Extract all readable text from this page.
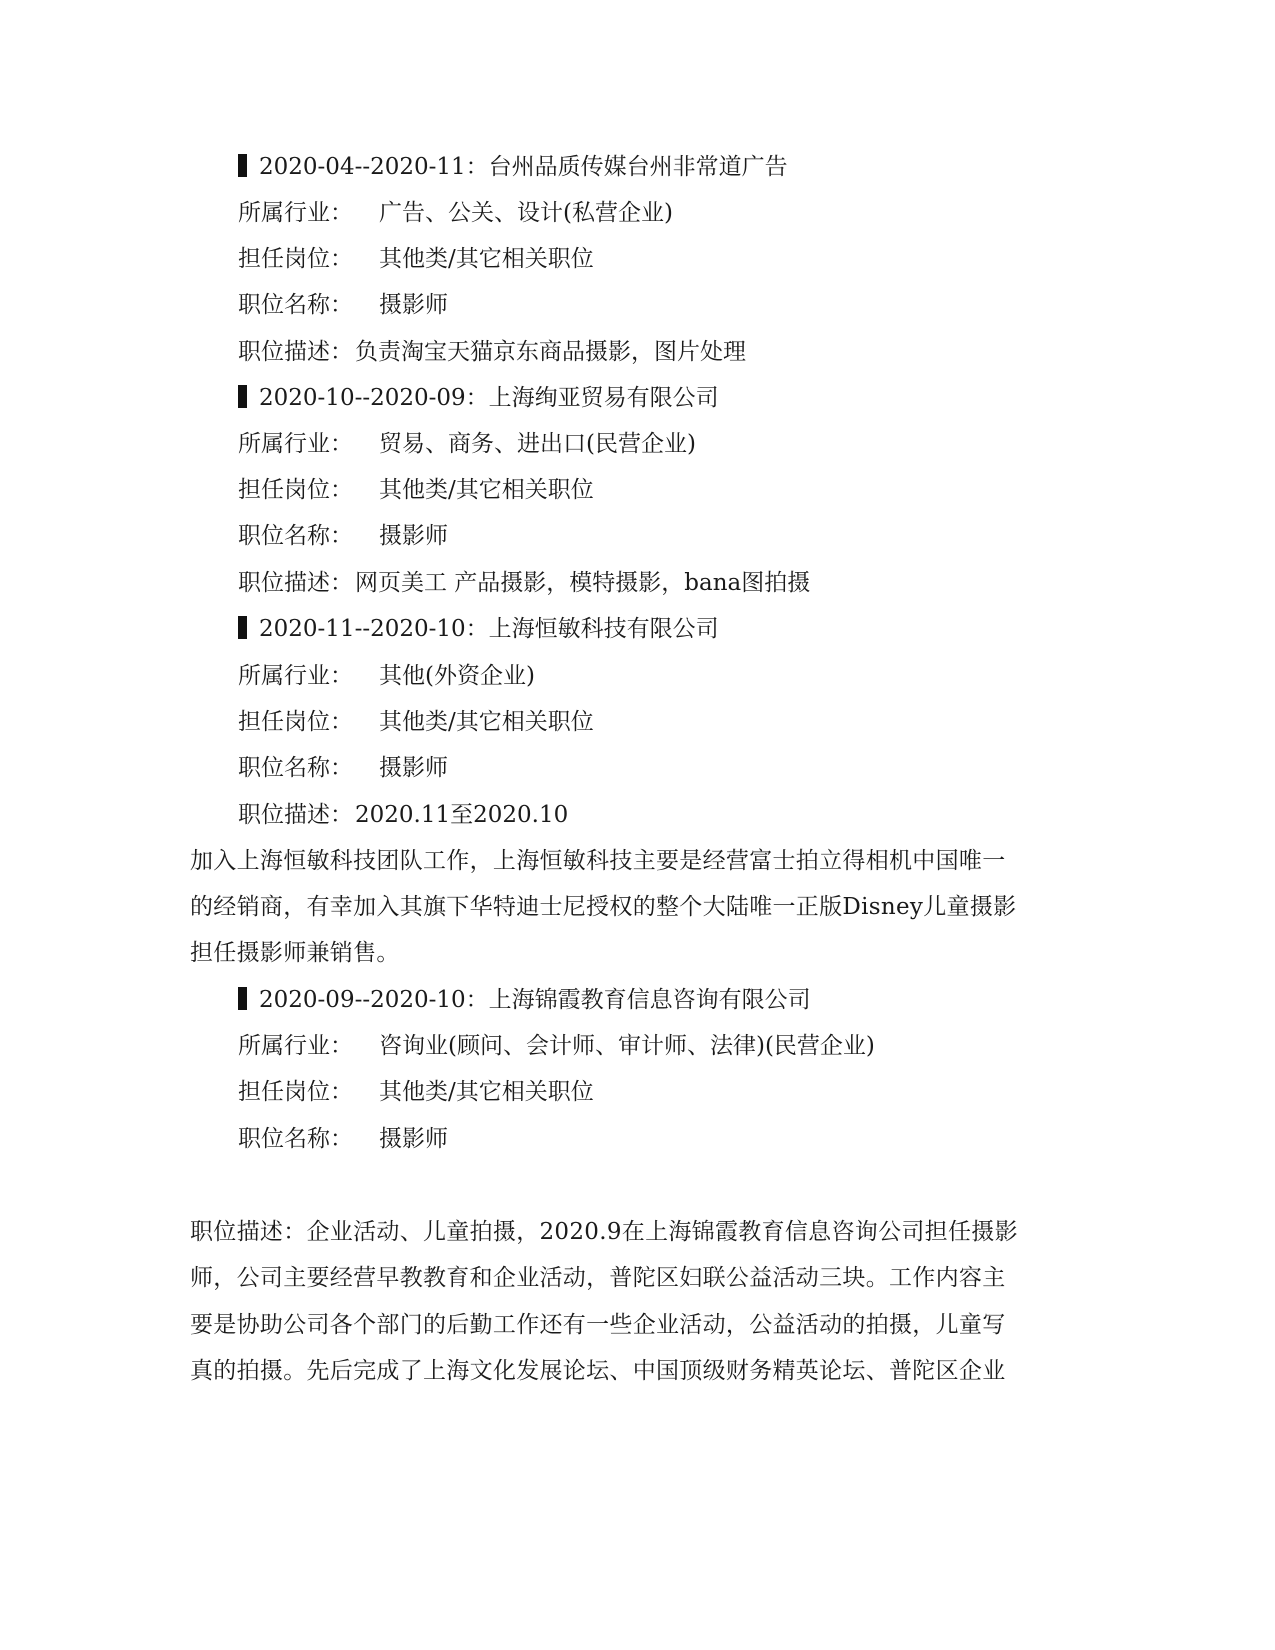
2020-04--2020-11：台州品质传媒台州非常道广告
所属行业： 广告、公关、设计(私营企业)
担任岗位： 其他类/其它相关职位
职位名称： 摄影师
职位描述：负责淘宝天猫京东商品摄影，图片处理
2020-10--2020-09：上海绚亚贸易有限公司
所属行业： 贸易、商务、进出口(民营企业)
担任岗位： 其他类/其它相关职位
职位名称： 摄影师
职位描述：网页美工 产品摄影，模特摄影，bana图拍摄
2020-11--2020-10：上海恒敏科技有限公司
所属行业： 其他(外资企业)
担任岗位： 其他类/其它相关职位
职位名称： 摄影师
职位描述：2020.11至2020.10
加入上海恒敏科技团队工作，上海恒敏科技主要是经营富士拍立得相机中国唯一
的经销商，有幸加入其旗下华特迪士尼授权的整个大陆唯一正版Disney儿童摄影
担任摄影师兼销售。
2020-09--2020-10：上海锦霞教育信息咨询有限公司
所属行业： 咨询业(顾问、会计师、审计师、法律)(民营企业)
担任岗位： 其他类/其它相关职位
职位名称： 摄影师
职位描述：企业活动、儿童拍摄，2020.9在上海锦霞教育信息咨询公司担任摄影
师，公司主要经营早教教育和企业活动，普陀区妇联公益活动三块。工作内容主
要是协助公司各个部门的后勤工作还有一些企业活动，公益活动的拍摄，儿童写
真的拍摄。先后完成了上海文化发展论坛、中国顶级财务精英论坛、普陀区企业
